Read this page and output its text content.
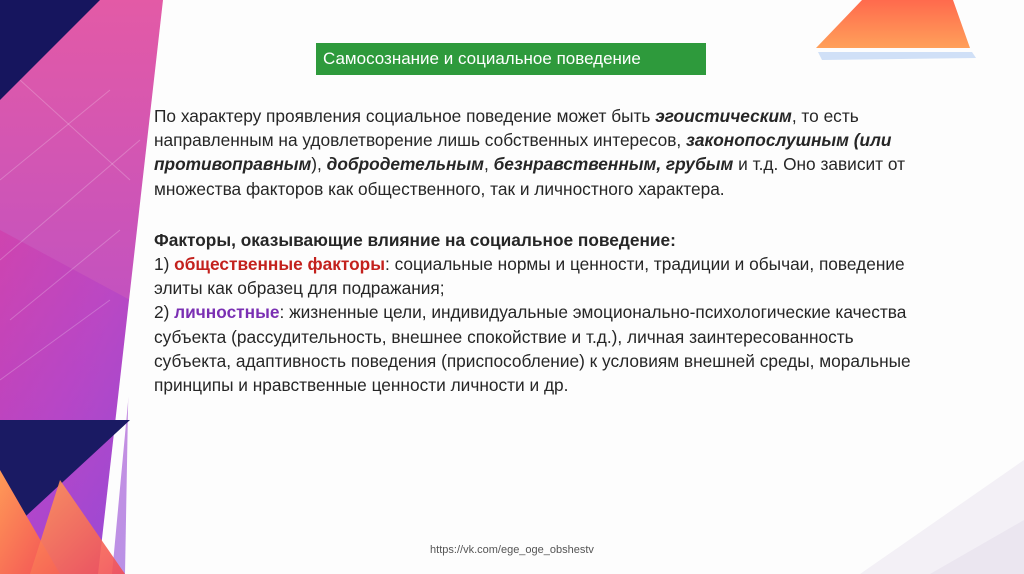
Самосознание и социальное поведение

По характеру проявления социальное поведение может быть эгоистическим, то есть направленным на удовлетворение лишь собственных интересов, законопослушным (или противоправным), добродетельным, безнравственным, грубым и т.д. Оно зависит от множества факторов как общественного, так и личностного характера.

Факторы, оказывающие влияние на социальное поведение:

1) общественные факторы: социальные нормы и ценности, традиции и обычаи, поведение элиты как образец для подражания;

2) личностные: жизненные цели, индивидуальные эмоционально-психологические качества субъекта (рассудительность, внешнее спокойствие и т.д.), личная заинтересованность субъекта, адаптивность поведения (приспособление) к условиям внешней среды, моральные принципы и нравственные ценности личности и др.

https://vk.com/ege_oge_obshestv
